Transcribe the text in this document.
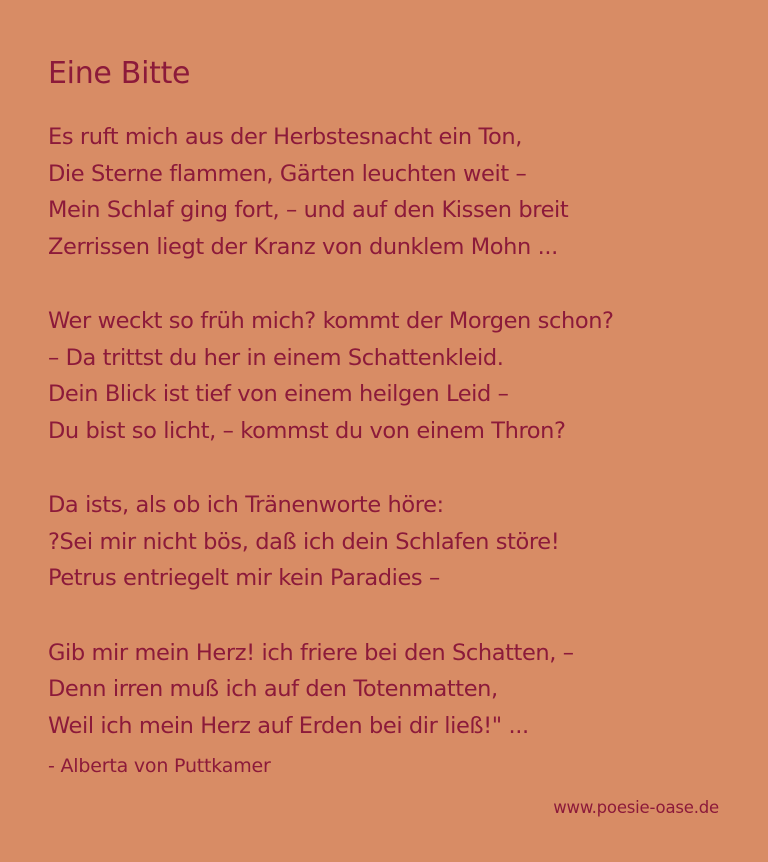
Eine Bitte
Es ruft mich aus der Herbstesnacht ein Ton,
Die Sterne flammen, Gärten leuchten weit –
Mein Schlaf ging fort, – und auf den Kissen breit
Zerrissen liegt der Kranz von dunklem Mohn ...
Wer weckt so früh mich? kommt der Morgen schon?
– Da trittst du her in einem Schattenkleid.
Dein Blick ist tief von einem heilgen Leid –
Du bist so licht, – kommst du von einem Thron?
Da ists, als ob ich Tränenworte höre:
?Sei mir nicht bös, daß ich dein Schlafen störe!
Petrus entriegelt mir kein Paradies –
Gib mir mein Herz! ich friere bei den Schatten, –
Denn irren muß ich auf den Totenmatten,
Weil ich mein Herz auf Erden bei dir ließ!" ...
- Alberta von Puttkamer
www.poesie-oase.de
